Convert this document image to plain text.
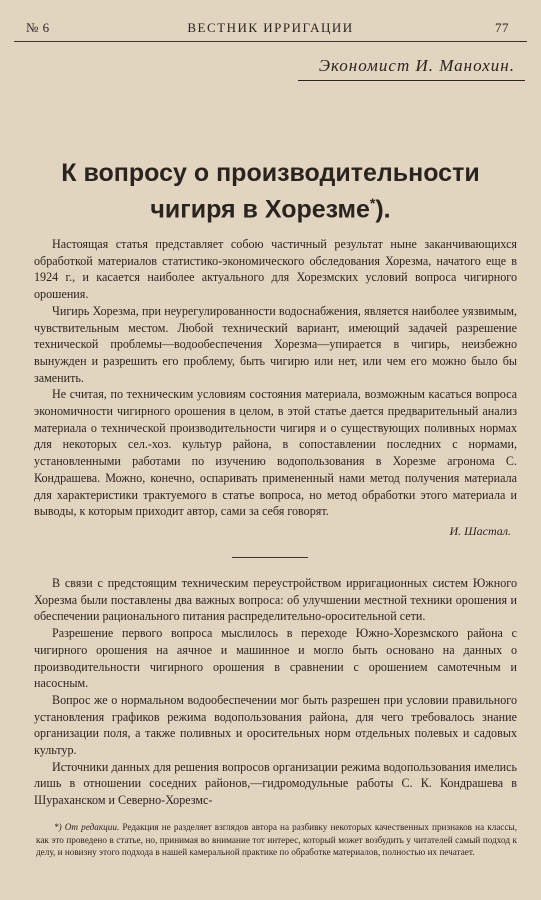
№ 6	ВЕСТНИК ИРРИГАЦИИ	77
Экономист И. Манохин.
К вопросу о производительности
чигиря в Хорезме*).

Настоящая статья представляет собою частичный результат ныне заканчивающихся обработкой материалов статистико-экономического обследования Хорезма, начатого еще в 1924 г., и касается наиболее актуального для Хорезмских условий вопроса чигирного орошения.

Чигирь Хорезма, при неурегулированности водоснабжения, является наиболее уязвимым, чувствительным местом. Любой технический вариант, имеющий задачей разрешение технической проблемы—водообеспечения Хорезма—упирается в чигирь, неизбежно вынужден и разрешить его проблему, быть чигирю или нет, или чем его можно было бы заменить.

Не считая, по техническим условиям состояния материала, возможным касаться вопроса экономичности чигирного орошения в целом, в этой статье дается предварительный анализ материала о технической производительности чигиря и о существующих поливных нормах для некоторых сел.-хоз. культур района, в сопоставлении последних с нормами, установленными работами по изучению водопользования в Хорезме агронома С. Кондрашева. Можно, конечно, оспаривать примененный нами метод получения материала для характеристики трактуемого в статье вопроса, но метод обработки этого материала и выводы, к которым приходит автор, сами за себя говорят.

И. Шастал.

В связи с предстоящим техническим переустройством ирригационных систем Южного Хорезма были поставлены два важных вопроса: об улучшении местной техники орошения и обеспечении рационального питания распределительно-оросительной сети.

Разрешение первого вопроса мыслилось в переходе Южно-Хорезмского района с чигирного орошения на аячное и машинное и могло быть основано на данных о производительности чигирного орошения в сравнении с орошением самотечным и насосным.

Вопрос же о нормальном водообеспечении мог быть разрешен при условии правильного установления графиков режима водопользования района, для чего требовалось знание организации поля, а также поливных и оросительных норм отдельных полевых и садовых культур.

Источники данных для решения вопросов организации режима водопользования имелись лишь в отношении соседних районов,—гидромодульные работы С. К. Кондрашева в Шураханском и Северно-Хорезмс-

*) От редакции. Редакция не разделяет взглядов автора на разбивку некоторых качественных признаков на классы, как это проведено в статье, но, принимая во внимание тот интерес, который может возбудить у читателей самый подход к делу, и новизну этого подхода в нашей камеральной практике по обработке материалов, полностью их печатает.
